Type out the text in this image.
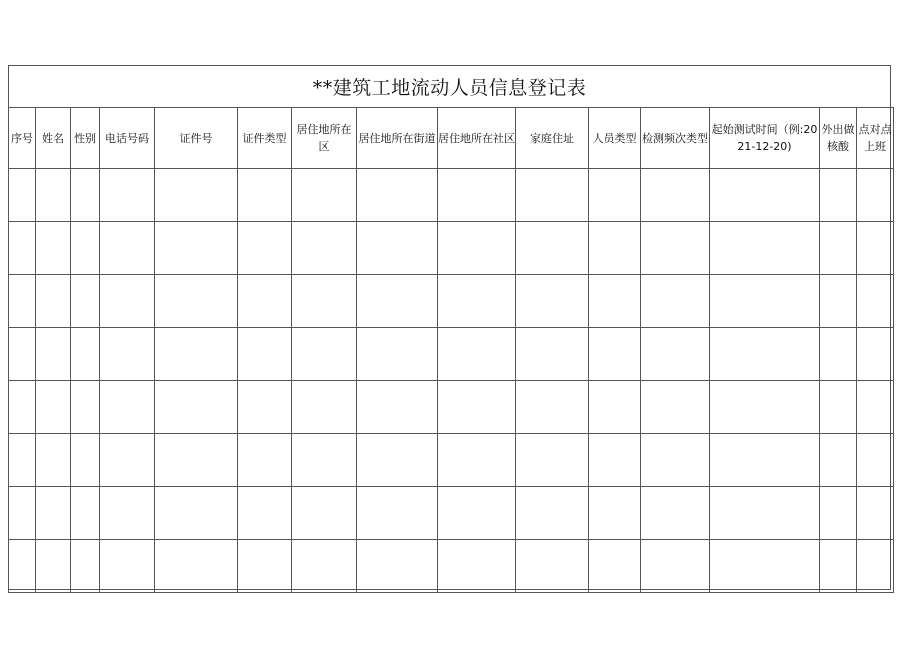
**建筑工地流动人员信息登记表
序号	姓名	性别	电话号码	证件号	证件类型	居住地所在区	居住地所在街道	居住地所在社区	家庭住址	人员类型	检测频次类型	起始测试时间（例:2021-12-20)	外出做核酸	点对点上班
